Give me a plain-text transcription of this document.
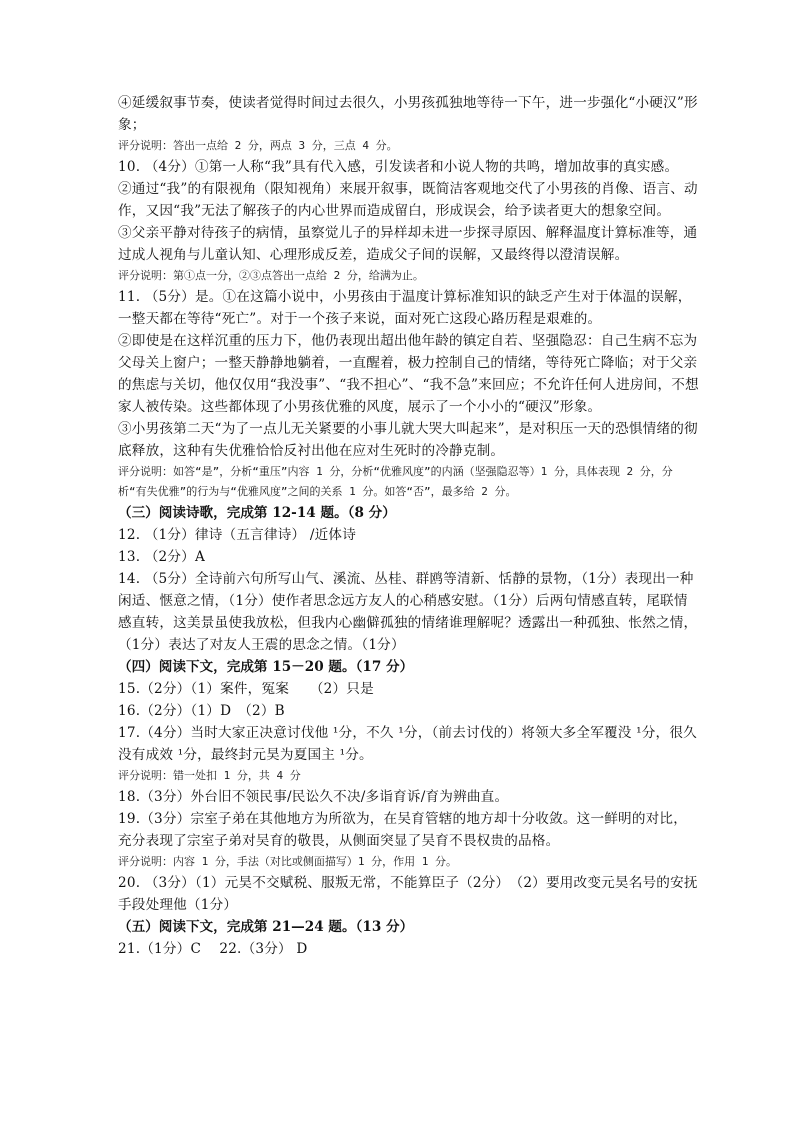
④延缓叙事节奏，使读者觉得时间过去很久，小男孩孤独地等待一下午，进一步强化“小硬汉”形象；

评分说明：答出一点给 2 分，两点 3 分，三点 4 分。

10. （4分）①第一人称“我”具有代入感，引发读者和小说人物的共鸣，增加故事的真实感。

②通过“我”的有限视角（限知视角）来展开叙事，既简洁客观地交代了小男孩的肖像、语言、动作，又因“我”无法了解孩子的内心世界而造成留白，形成误会，给予读者更大的想象空间。

③父亲平静对待孩子的病情，虽察觉儿子的异样却未进一步探寻原因、解释温度计算标准等，通过成人视角与儿童认知、心理形成反差，造成父子间的误解，又最终得以澄清误解。

评分说明：第①点一分，②③点答出一点给 2 分，给满为止。

11. （5分）是。①在这篇小说中，小男孩由于温度计算标准知识的缺乏产生对于体温的误解，一整天都在等待“死亡”。对于一个孩子来说，面对死亡这段心路历程是艰难的。

②即使是在这样沉重的压力下，他仍表现出超出他年龄的镇定自若、坚强隐忍：自己生病不忘为父母关上窗户；一整天静静地躺着，一直醒着，极力控制自己的情绪，等待死亡降临；对于父亲的焦虑与关切，他仅仅用“我没事”、“我不担心”、“我不急”来回应；不允许任何人进房间，不想家人被传染。这些都体现了小男孩优雅的风度，展示了一个小小的“硬汉”形象。

③小男孩第二天“为了一点儿无关紧要的小事儿就大哭大叫起来”，是对积压一天的恐惧情绪的彻底释放，这种有失优雅恰恰反衬出他在应对生死时的冷静克制。

评分说明：如答“是”，分析“重压”内容 1 分，分析“优雅风度”的内涵（坚强隐忍等）1 分，具体表现 2 分，分析“有失优雅”的行为与“优雅风度”之间的关系 1 分。如答“否”，最多给 2 分。

（三）阅读诗歌，完成第 12-14 题。（8 分）

12. （1分）律诗（五言律诗） /近体诗

13. （2分）A

14. （5分）全诗前六句所写山气、溪流、丛桂、群鸥等清新、恬静的景物，（1分）表现出一种闲适、惬意之情，（1分）使作者思念远方友人的心稍感安慰。（1分）后两句情感直转，尾联情感直转，这美景虽使我放松，但我内心幽僻孤独的情绪谁理解呢？透露出一种孤独、怅然之情，（1分）表达了对友人王震的思念之情。（1分）

（四）阅读下文，完成第 15－20 题。（17 分）

15.（2分）（1）案件，冤案　　（2）只是

16.（2分）（1）D　（2）B

17.（4分）当时大家正决意讨伐他 ¹分，不久 ¹分，（前去讨伐的）将领大多全军覆没 ¹分，很久没有成效 ¹分，最终封元昊为夏国主 ¹分。

评分说明：错一处扣 1 分，共 4 分

18.（3分）外台旧不领民事/民讼久不决/多诣育诉/育为辨曲直。

19.（3分）宗室子弟在其他地方为所欲为，在吴育管辖的地方却十分收敛。这一鲜明的对比，充分表现了宗室子弟对吴育的敬畏，从侧面突显了吴育不畏权贵的品格。

评分说明：内容 1 分，手法（对比或侧面描写）1 分，作用 1 分。

20. （3分）（1）元昊不交赋税、服叛无常，不能算臣子（2分）　（2）要用改变元昊名号的安抚手段处理他（1分）

（五）阅读下文，完成第 21—24 题。（13 分）

21.（1分）C　 22.（3分） D
